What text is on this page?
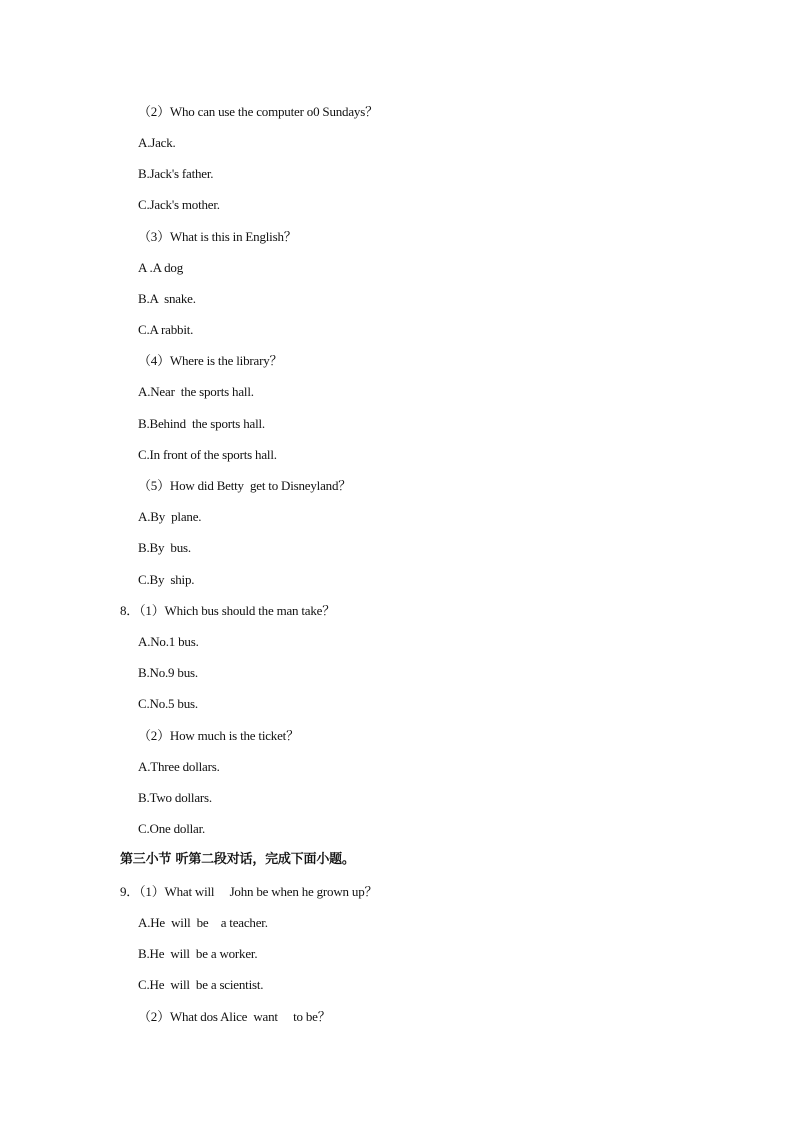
（2）Who can use the computer o0 Sundays？
A.Jack.
B.Jack's father.
C.Jack's mother.
（3）What is this in English？
A .A dog
B.A  snake.
C.A rabbit.
（4）Where is the library？
A.Near  the sports hall.
B.Behind  the sports hall.
C.In front of the sports hall.
（5）How did Betty  get to Disneyland？
A.By  plane.
B.By  bus.
C.By  ship.
8．（1）Which bus should the man take？
A.No.1 bus.
B.No.9 bus.
C.No.5 bus.
（2）How much is the ticket？
A.Three dollars.
B.Two dollars.
C.One dollar.
第三小节 听第二段对话，完成下面小题。
9．（1）What will     John be when he grown up？
A.He  will  be    a teacher.
B.He  will  be a worker.
C.He  will  be a scientist.
（2）What dos Alice  want     to be？
